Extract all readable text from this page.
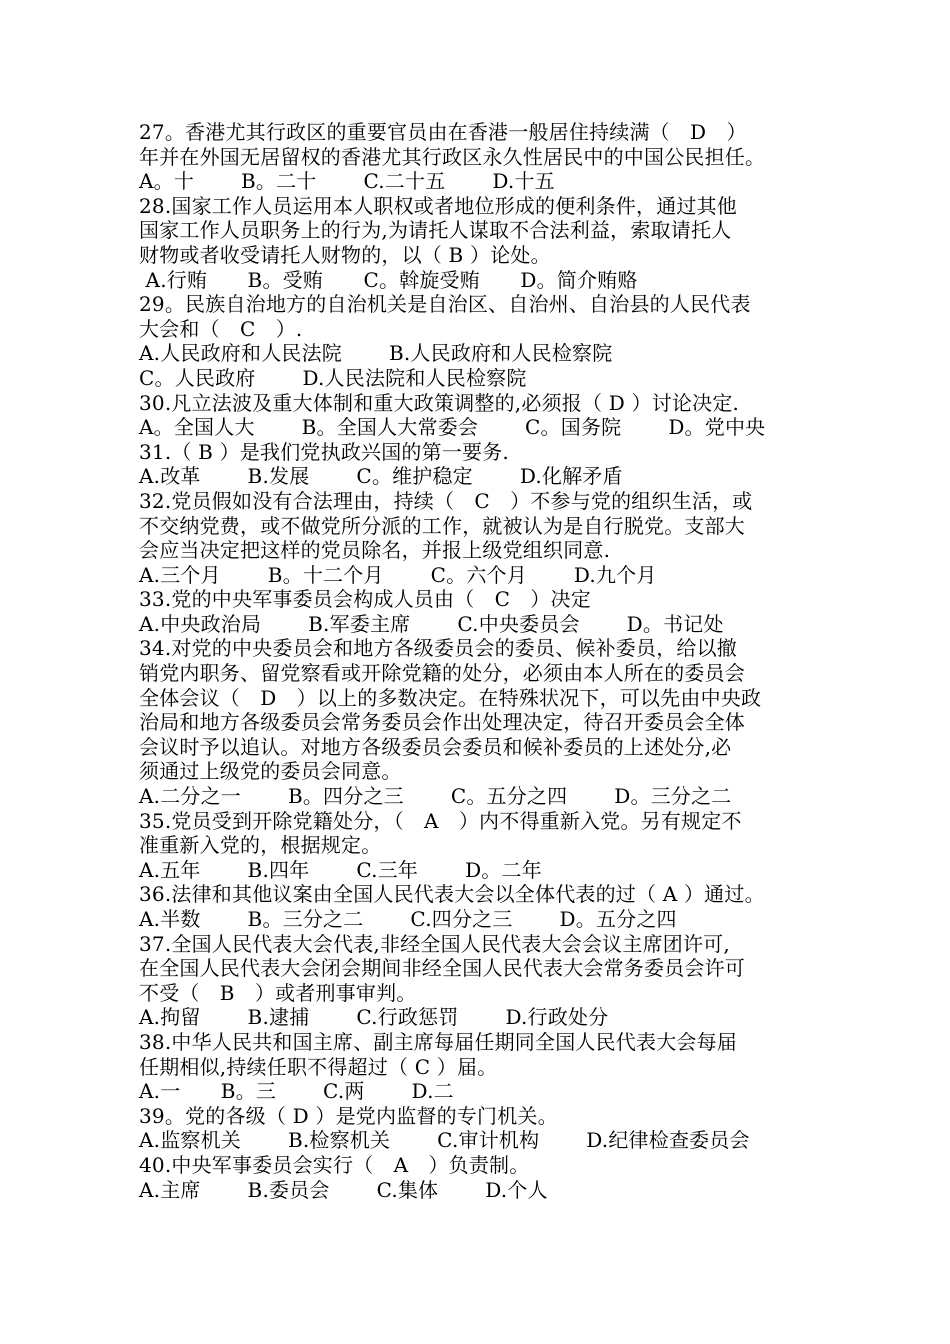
27。香港尤其行政区的重要官员由在香港一般居住持续满（　D　）
年并在外国无居留权的香港尤其行政区永久性居民中的中国公民担任。
A。十　　 B。二十　　 C.二十五　　 D.十五
28.国家工作人员运用本人职权或者地位形成的便利条件，通过其他
国家工作人员职务上的行为,为请托人谋取不合法利益，索取请托人
财物或者收受请托人财物的，以（ B ）论处。
A.行贿　　B。受贿　　C。斡旋受贿　　D。简介贿赂
29。民族自治地方的自治机关是自治区、自治州、自治县的人民代表
大会和（　C　）.
A.人民政府和人民法院　　 B.人民政府和人民检察院
C。人民政府　　 D.人民法院和人民检察院
30.凡立法波及重大体制和重大政策调整的,必须报（ D ）讨论决定.
A。全国人大　　 B。全国人大常委会　　 C。国务院　　 D。党中央
31.（ B ）是我们党执政兴国的第一要务.
A.改革　　 B.发展　　 C。维护稳定　　 D.化解矛盾
32.党员假如没有合法理由，持续（　C　）不参与党的组织生活，或
不交纳党费，或不做党所分派的工作，就被认为是自行脱党。支部大
会应当决定把这样的党员除名，并报上级党组织同意.
A.三个月　　 B。十二个月　　 C。六个月　　 D.九个月
33.党的中央军事委员会构成人员由（　C　）决定
A.中央政治局　　 B.军委主席　　 C.中央委员会　　 D。书记处
34.对党的中央委员会和地方各级委员会的委员、候补委员，给以撤
销党内职务、留党察看或开除党籍的处分，必须由本人所在的委员会
全体会议（　D　）以上的多数决定。在特殊状况下，可以先由中央政
治局和地方各级委员会常务委员会作出处理决定，待召开委员会全体
会议时予以追认。对地方各级委员会委员和候补委员的上述处分,必
须通过上级党的委员会同意。
A.二分之一　　 B。四分之三　　 C。五分之四　　 D。三分之二
35.党员受到开除党籍处分，（　A　）内不得重新入党。另有规定不
准重新入党的，根据规定。
A.五年　　 B.四年　　 C.三年　　 D。二年
36.法律和其他议案由全国人民代表大会以全体代表的过（ A ）通过。
A.半数　　 B。三分之二　　 C.四分之三　　 D。五分之四
37.全国人民代表大会代表,非经全国人民代表大会会议主席团许可,
在全国人民代表大会闭会期间非经全国人民代表大会常务委员会许可
不受（　B　）或者刑事审判。
A.拘留　　 B.逮捕　　 C.行政惩罚　　 D.行政处分
38.中华人民共和国主席、副主席每届任期同全国人民代表大会每届
任期相似,持续任职不得超过（ C ）届。
A.一　　B。三　　 C.两　　 D.二
39。党的各级（ D ）是党内监督的专门机关。
A.监察机关　　 B.检察机关　　 C.审计机构　　 D.纪律检查委员会
40.中央军事委员会实行（　A　）负责制。
A.主席　　 B.委员会　　 C.集体　　 D.个人
